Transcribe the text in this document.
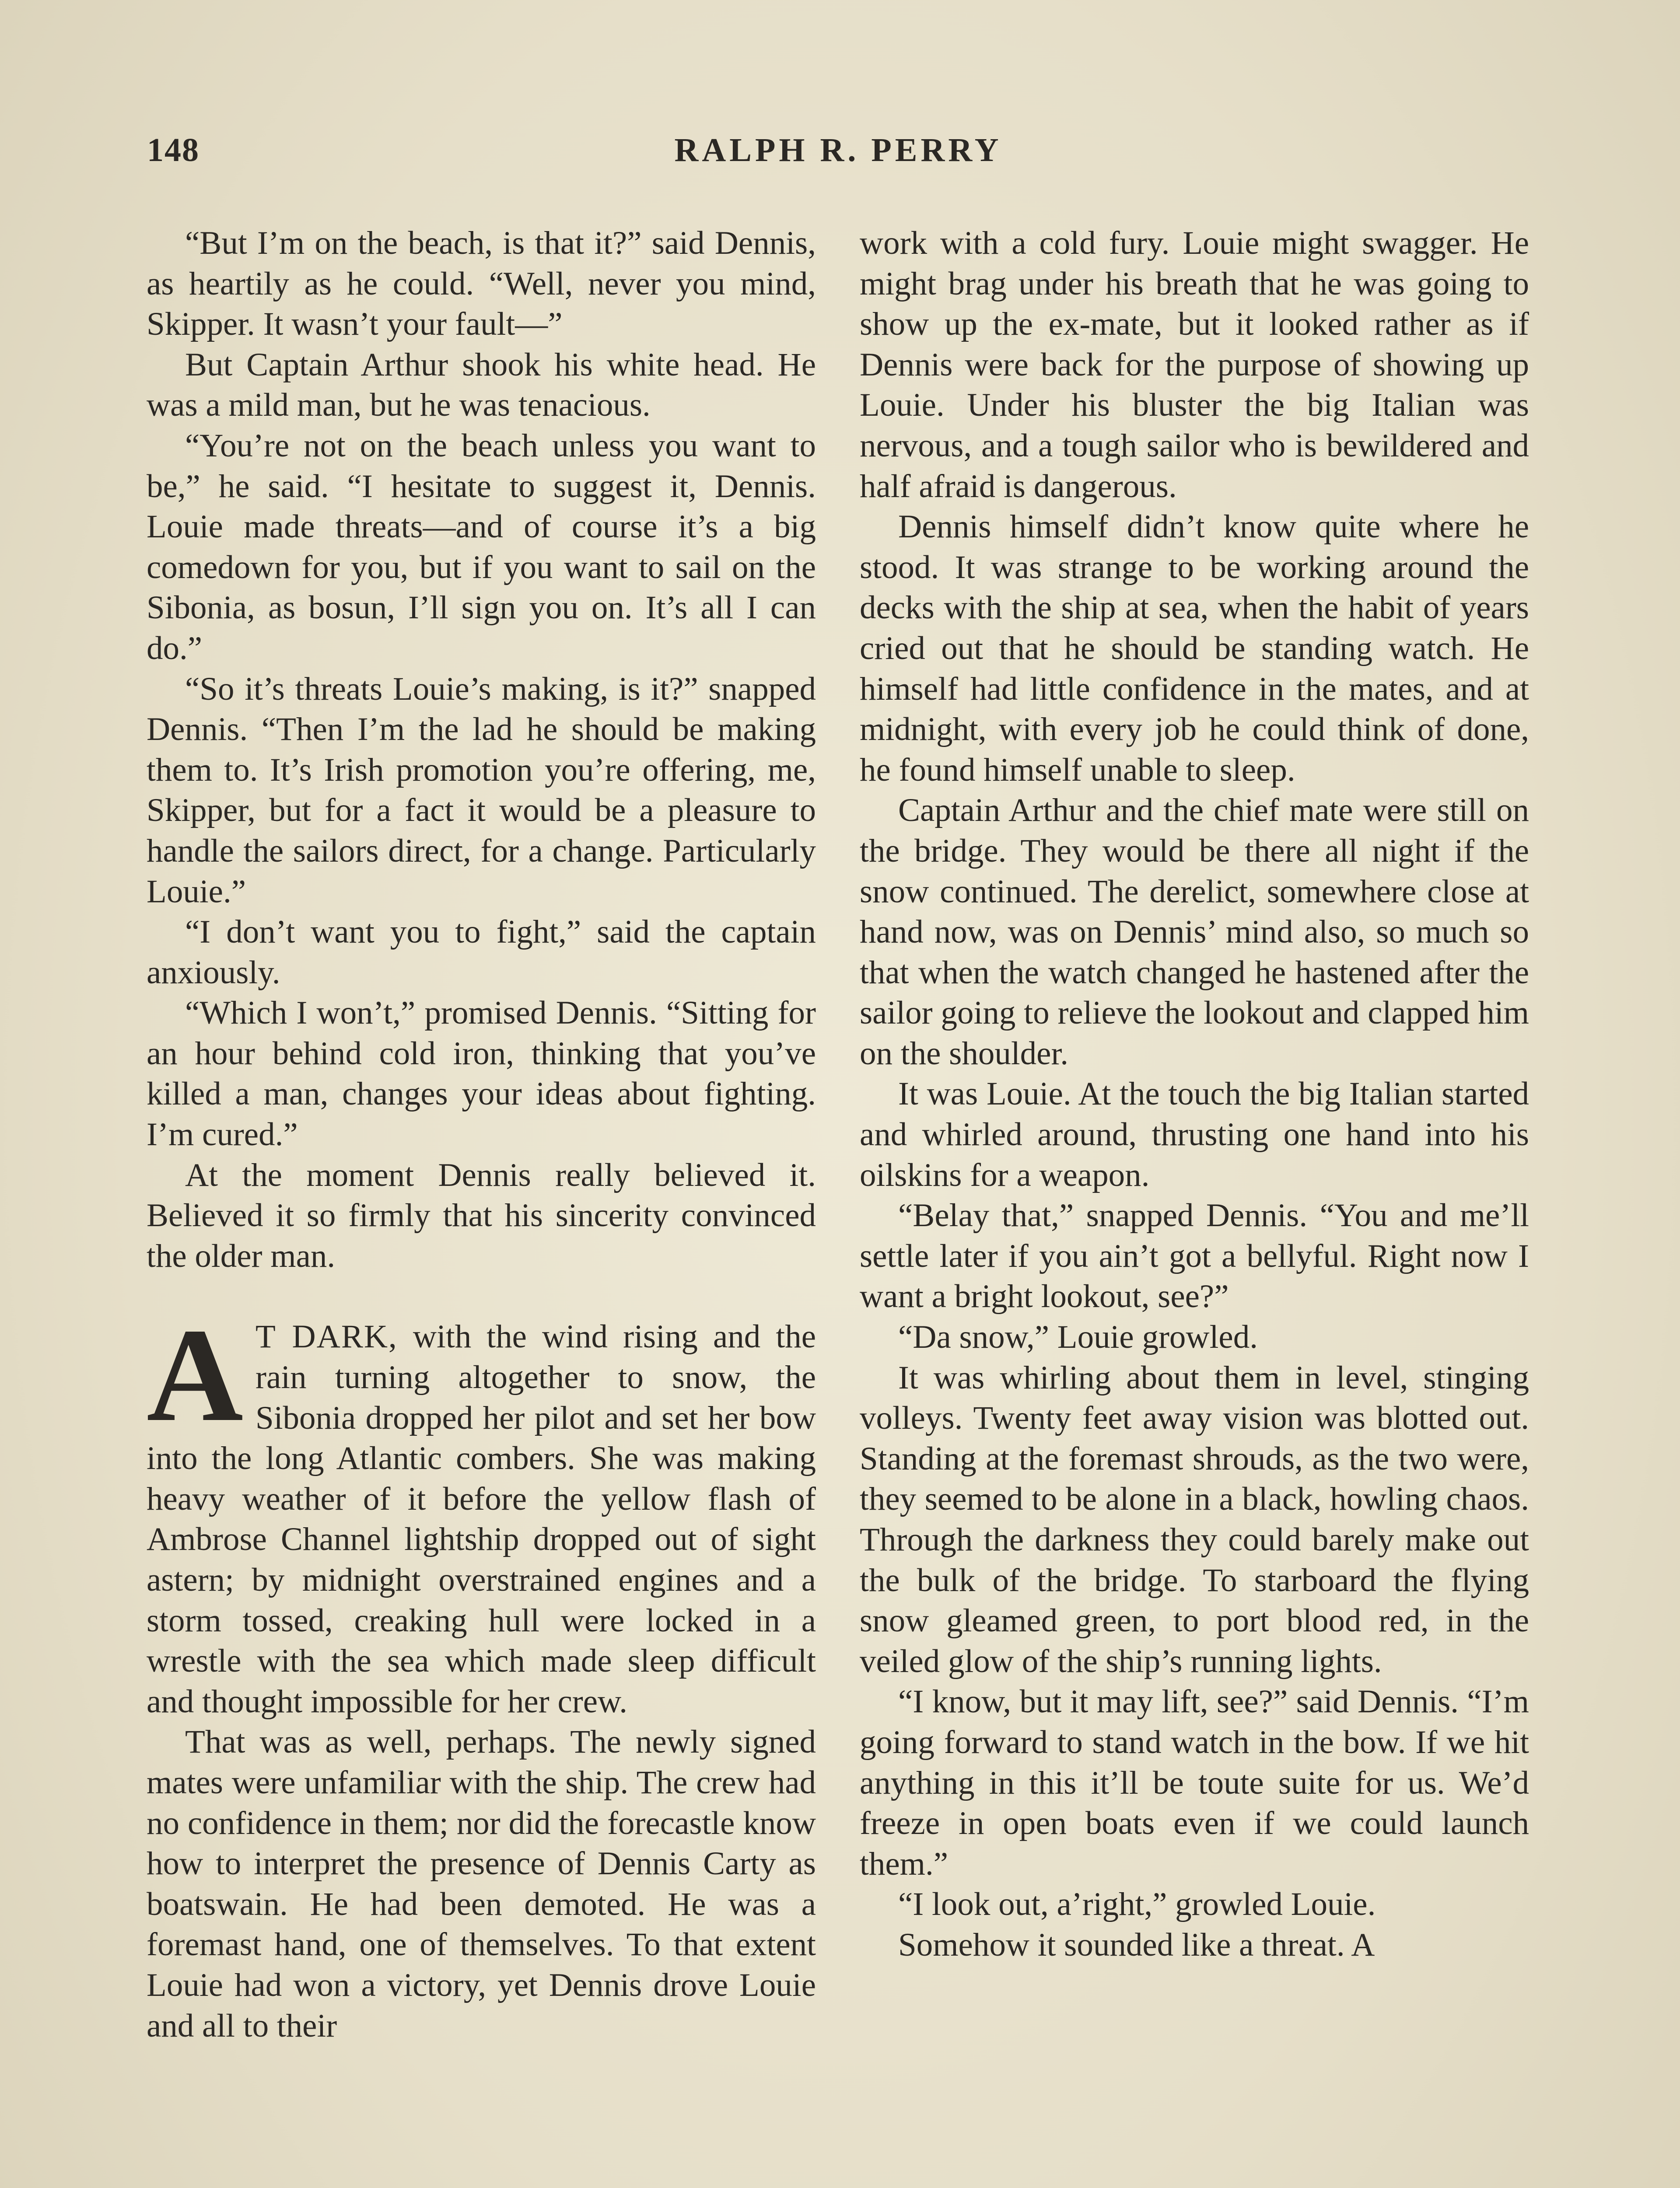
148	RALPH R. PERRY

“But I’m on the beach, is that it?” said Dennis, as heartily as he could. “Well, never you mind, Skipper. It wasn’t your fault—”

But Captain Arthur shook his white head. He was a mild man, but he was tenacious.

“You’re not on the beach unless you want to be,” he said. “I hesitate to suggest it, Dennis. Louie made threats—and of course it’s a big comedown for you, but if you want to sail on the Sibonia, as bosun, I’ll sign you on. It’s all I can do.”

“So it’s threats Louie’s making, is it?” snapped Dennis. “Then I’m the lad he should be making them to. It’s Irish promotion you’re offering, me, Skipper, but for a fact it would be a pleasure to handle the sailors direct, for a change. Particularly Louie.”

“I don’t want you to fight,” said the captain anxiously.

“Which I won’t,” promised Dennis. “Sitting for an hour behind cold iron, thinking that you’ve killed a man, changes your ideas about fighting. I’m cured.”

At the moment Dennis really believed it. Believed it so firmly that his sincerity convinced the older man.

A T DARK, with the wind rising and the rain turning altogether to snow, the Sibonia dropped her pilot and set her bow into the long Atlantic combers. She was making heavy weather of it before the yellow flash of Ambrose Channel lightship dropped out of sight astern; by midnight overstrained engines and a storm tossed, creaking hull were locked in a wrestle with the sea which made sleep difficult and thought impossible for her crew.

That was as well, perhaps. The newly signed mates were unfamiliar with the ship. The crew had no confidence in them; nor did the forecastle know how to interpret the presence of Dennis Carty as boatswain. He had been demoted. He was a foremast hand, one of themselves. To that extent Louie had won a victory, yet Dennis drove Louie and all to their

work with a cold fury. Louie might swagger. He might brag under his breath that he was going to show up the ex-mate, but it looked rather as if Dennis were back for the purpose of showing up Louie. Under his bluster the big Italian was nervous, and a tough sailor who is bewildered and half afraid is dangerous.

Dennis himself didn’t know quite where he stood. It was strange to be working around the decks with the ship at sea, when the habit of years cried out that he should be standing watch. He himself had little confidence in the mates, and at midnight, with every job he could think of done, he found himself unable to sleep.

Captain Arthur and the chief mate were still on the bridge. They would be there all night if the snow continued. The derelict, somewhere close at hand now, was on Dennis’ mind also, so much so that when the watch changed he hastened after the sailor going to relieve the lookout and clapped him on the shoulder.

It was Louie. At the touch the big Italian started and whirled around, thrusting one hand into his oilskins for a weapon.

“Belay that,” snapped Dennis. “You and me’ll settle later if you ain’t got a bellyful. Right now I want a bright lookout, see?”

“Da snow,” Louie growled.

It was whirling about them in level, stinging volleys. Twenty feet away vision was blotted out. Standing at the foremast shrouds, as the two were, they seemed to be alone in a black, howling chaos. Through the darkness they could barely make out the bulk of the bridge. To starboard the flying snow gleamed green, to port blood red, in the veiled glow of the ship’s running lights.

“I know, but it may lift, see?” said Dennis. “I’m going forward to stand watch in the bow. If we hit anything in this it’ll be toute suite for us. We’d freeze in open boats even if we could launch them.”

“I look out, a’right,” growled Louie.

Somehow it sounded like a threat. A
